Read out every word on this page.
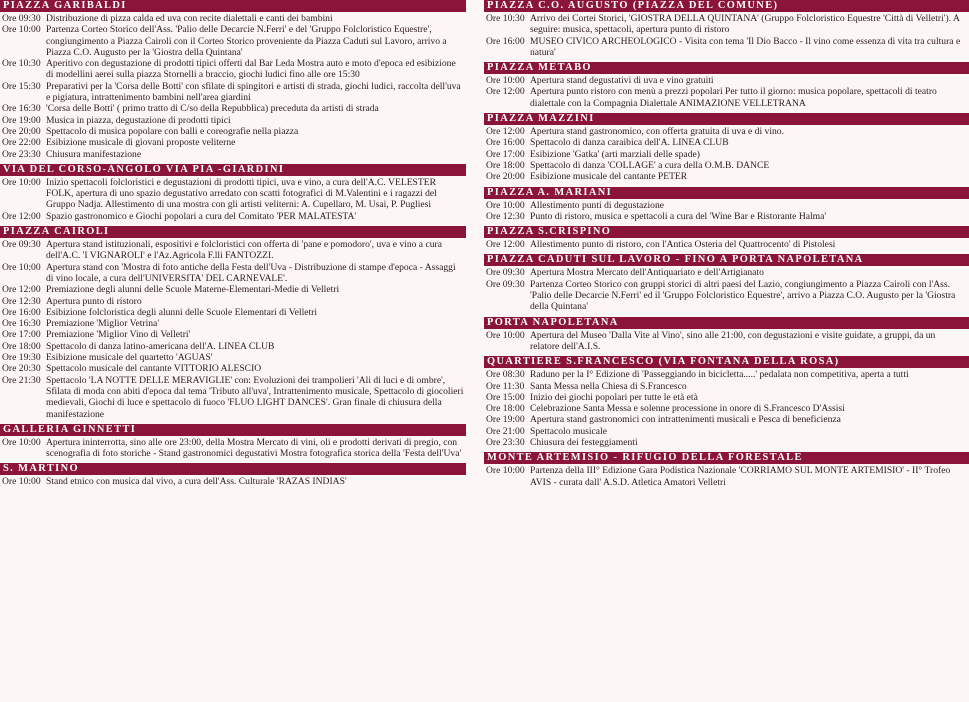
PIAZZA GARIBALDI
Ore 09:30 Distribuzione di pizza calda ed uva con recite dialettali e canti dei bambini
Ore 10:00 Partenza Corteo Storico dell'Ass. 'Palio delle Decarcie N.Ferri' e del 'Gruppo Folcloristico Equestre', congiungimento a Piazza Cairoli con il Corteo Storico proveniente da Piazza Caduti sul Lavoro, arrivo a Piazza C.O. Augusto per la 'Giostra della Quintana'
Ore 10:30 Aperitivo con degustazione di prodotti tipici offerti dal Bar Leda Mostra auto e moto d'epoca ed esibizione di modellini aerei sulla piazza Stornelli a braccio, giochi ludici fino alle ore 15:30
Ore 15:30 Preparativi per la 'Corsa delle Botti' con sfilate di spingitori e artisti di strada, giochi ludici, raccolta dell'uva e pigiatura, intrattenimento bambini nell'area giardini
Ore 16:30 'Corsa delle Botti' ( primo tratto di C/so della Repubblica) preceduta da artisti di strada
Ore 19:00 Musica in piazza, degustazione di prodotti tipici
Ore 20:00 Spettacolo di musica popolare con balli e coreografie nella piazza
Ore 22:00 Esibizione musicale di giovani proposte veliterne
Ore 23:30 Chiusura manifestazione
VIA DEL CORSO-ANGOLO VIA PIA -GIARDINI
Ore 10:00 Inizio spettacoli folcloristici e degustazioni di prodotti tipici, uva e vino, a cura dell'A.C. VELESTER FOLK, apertura di uno spazio degustativo arredato con scatti fotografici di M.Valentini e i ragazzi del Gruppo Nadja. Allestimento di una mostra con gli artisti veliterni: A. Cupellaro, M. Usai, P. Pugliesi
Ore 12:00 Spazio gastronomico e Giochi popolari a cura del Comitato 'PER MALATESTA'
PIAZZA CAIROLI
Ore 09:30 Apertura stand istituzionali, espositivi e folcloristici con offerta di 'pane e pomodoro', uva e vino a cura dell'A.C. 'I VIGNAROLI' e l'Az.Agricola F.lli FANTOZZI.
Ore 10:00 Apertura stand con 'Mostra di foto antiche della Festa dell'Uva - Distribuzione di stampe d'epoca - Assaggi di vino locale, a cura dell'UNIVERSITA' DEL CARNEVALE'.
Ore 12:00 Premiazione degli alunni delle Scuole Materne-Elementari-Medie di Velletri
Ore 12:30 Apertura punto di ristoro
Ore 16:00 Esibizione folcloristica degli alunni delle Scuole Elementari di Velletri
Ore 16:30 Premiazione 'Miglior Vetrina'
Ore 17:00 Premiazione 'Miglior Vino di Velletri'
Ore 18:00 Spettacolo di danza latino-americana dell'A. LINEA CLUB
Ore 19:30 Esibizione musicale del quartetto 'AGUAS'
Ore 20:30 Spettacolo musicale del cantante VITTORIO ALESCIO
Ore 21:30 Spettacolo 'LA NOTTE DELLE MERAVIGLIE' con: Evoluzioni dei trampolieri 'Ali di luci e di ombre', Sfilata di moda con abiti d'epoca dal tema 'Tributo all'uva', Intrattenimento musicale, Spettacolo di giocolieri medievali, Giochi di luce e spettacolo di fuoco 'FLUO LIGHT DANCES'. Gran finale di chiusura della manifestazione
GALLERIA GINNETTI
Ore 10:00 Apertura ininterrotta, sino alle ore 23:00, della Mostra Mercato di vini, oli e prodotti derivati di pregio, con scenografia di foto storiche - Stand gastronomici degustativi Mostra fotografica storica della 'Festa dell'Uva'
S. MARTINO
Ore 10:00 Stand etnico con musica dal vivo, a cura dell'Ass. Culturale 'RAZAS INDIAS'
PIAZZA C.O. AUGUSTO (PIAZZA DEL COMUNE)
Ore 10:30 Arrivo dei Cortei Storici, 'GIOSTRA DELLA QUINTANA' (Gruppo Folcloristico Equestre 'Città di Velletri'). A seguire: musica, spettacoli, apertura punto di ristoro
Ore 16:00 MUSEO CIVICO ARCHEOLOGICO - Visita con tema 'Il Dio Bacco - Il vino come essenza di vita tra cultura e natura'
PIAZZA METABO
Ore 10:00 Apertura stand degustativi di uva e vino gratuiti
Ore 12:00 Apertura punto ristoro con menù a prezzi popolari Per tutto il giorno: musica popolare, spettacoli di teatro dialettale con la Compagnia Dialettale ANIMAZIONE VELLETRANA
PIAZZA MAZZINI
Ore 12:00 Apertura stand gastronomico, con offerta gratuita di uva e di vino.
Ore 16:00 Spettacolo di danza caraibica dell'A. LINEA CLUB
Ore 17:00 Esibizione 'Gatka' (arti marziali delle spade)
Ore 18:00 Spettacolo di danza 'COLLAGE' a cura della O.M.B. DANCE
Ore 20:00 Esibizione musicale del cantante PETER
PIAZZA A. MARIANI
Ore 10:00 Allestimento punti di degustazione
Ore 12:30 Punto di ristoro, musica e spettacoli a cura del 'Wine Bar e Ristorante Halma'
PIAZZA S.CRISPINO
Ore 12:00 Allestimento punto di ristoro, con l'Antica Osteria del Quattrocento' di Pistolesi
PIAZZA CADUTI SUL LAVORO - FINO A PORTA NAPOLETANA
Ore 09:30 Apertura Mostra Mercato dell'Antiquariato e dell'Artigianato
Ore 09:30 Partenza Corteo Storico con gruppi storici di altri paesi del Lazio, congiungimento a Piazza Cairoli con l'Ass. 'Palio delle Decarcie N.Ferri' ed il 'Gruppo Folcloristico Equestre', arrivo a Piazza C.O. Augusto per la 'Giostra della Quintana'
PORTA NAPOLETANA
Ore 10:00 Apertura del Museo 'Dalla Vite al Vino', sino alle 21:00, con degustazioni e visite guidate, a gruppi, da un relatore dell'A.I.S.
QUARTIERE S.FRANCESCO (VIA FONTANA DELLA ROSA)
Ore 08:30 Raduno per la I° Edizione di 'Passeggiando in bicicletta.....' pedalata non competitiva, aperta a tutti
Ore 11:30 Santa Messa nella Chiesa di S.Francesco
Ore 15:00 Inizio dei giochi popolari per tutte le età età
Ore 18:00 Celebrazione Santa Messa e solenne processione in onore di S.Francesco D'Assisi
Ore 19:00 Apertura stand gastronomici con intrattenimenti musicali e Pesca di beneficienza
Ore 21:00 Spettacolo musicale
Ore 23:30 Chiusura dei festeggiamenti
MONTE ARTEMISIO - RIFUGIO DELLA FORESTALE
Ore 10:00 Partenza della III° Edizione Gara Podistica Nazionale 'CORRIAMO SUL MONTE ARTEMISIO' - II° Trofeo AVIS - curata dall' A.S.D. Atletica Amatori Velletri
